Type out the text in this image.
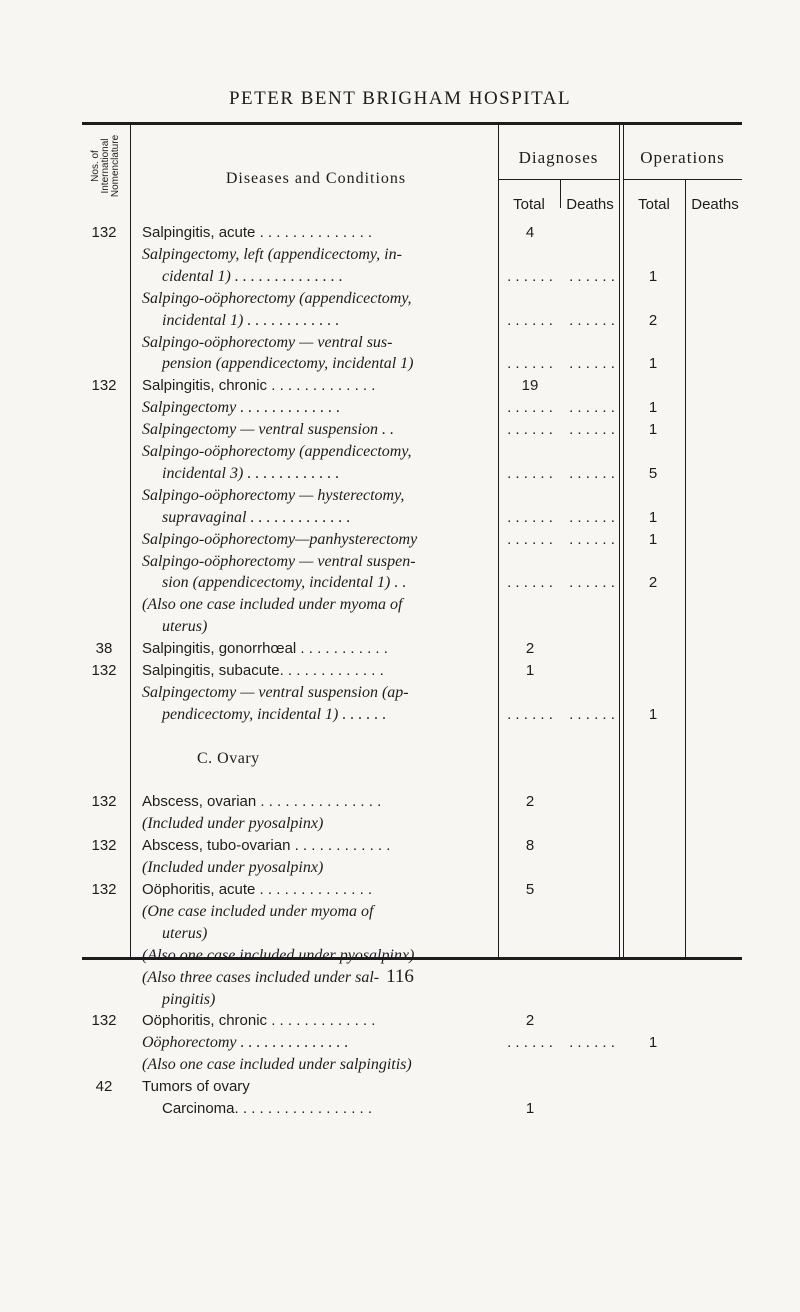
PETER BENT BRIGHAM HOSPITAL
Nos. of International Nomenclature	Diseases and Conditions
Diagnoses	Operations
Total	Deaths	Total	Deaths
132	Salpingitis, acute . . . . . . . . . . . . . .	4
Salpingectomy, left (appendicectomy, in-
cidental 1) . . . . . . . . . . . . . .	. . . . . .	. . . . . .	1
Salpingo-oöphorectomy (appendicectomy,
incidental 1) . . . . . . . . . . . .	. . . . . .	. . . . . .	2
Salpingo-oöphorectomy — ventral sus-
pension (appendicectomy, incidental 1)	. . . . . .	. . . . . .	1
132	Salpingitis, chronic . . . . . . . . . . . . .	19
Salpingectomy . . . . . . . . . . . . .	. . . . . .	. . . . . .	1
Salpingectomy — ventral suspension . .	. . . . . .	. . . . . .	1
Salpingo-oöphorectomy (appendicectomy,
incidental 3) . . . . . . . . . . . .	. . . . . .	. . . . . .	5
Salpingo-oöphorectomy — hysterectomy,
supravaginal . . . . . . . . . . . . .	. . . . . .	. . . . . .	1
Salpingo-oöphorectomy—panhysterectomy	. . . . . .	. . . . . .	1
Salpingo-oöphorectomy — ventral suspen-
sion (appendicectomy, incidental 1) . .	. . . . . .	. . . . . .	2
(Also one case included under myoma of
uterus)
38	Salpingitis, gonorrhœal . . . . . . . . . . .	2
132	Salpingitis, subacute. . . . . . . . . . . . .	1
Salpingectomy — ventral suspension (ap-
pendicectomy, incidental 1) . . . . . .	. . . . . .	. . . . . .	1
C. Ovary
132	Abscess, ovarian . . . . . . . . . . . . . . .	2
(Included under pyosalpinx)
132	Abscess, tubo-ovarian . . . . . . . . . . . .	8
(Included under pyosalpinx)
132	Oöphoritis, acute . . . . . . . . . . . . . .	5
(One case included under myoma of
uterus)
(Also one case included under pyosalpinx)
(Also three cases included under sal-
pingitis)
132	Oöphoritis, chronic . . . . . . . . . . . . .	2
Oöphorectomy . . . . . . . . . . . . . .	. . . . . .	. . . . . .	1
(Also one case included under salpingitis)
42	Tumors of ovary
Carcinoma. . . . . . . . . . . . . . . . .	1
116
